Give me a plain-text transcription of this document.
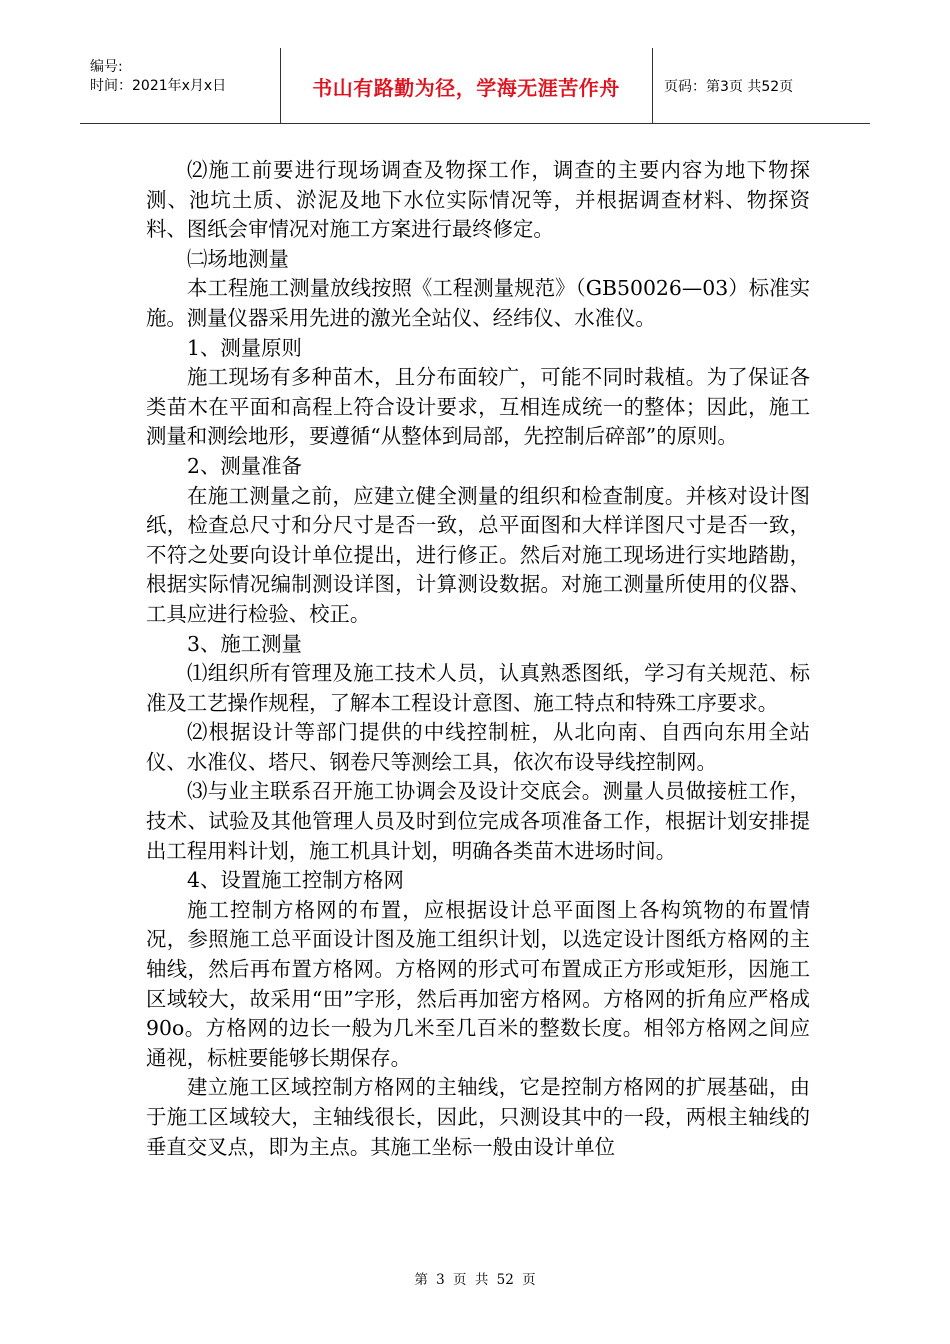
编号:
时间：2021年x月x日	书山有路勤为径，学海无涯苦作舟	页码：第3页 共52页

⑵施工前要进行现场调查及物探工作，调查的主要内容为地下物探测、池坑土质、淤泥及地下水位实际情况等，并根据调查材料、物探资料、图纸会审情况对施工方案进行最终修定。

㈡场地测量

本工程施工测量放线按照《工程测量规范》（GB50026—03）标准实施。测量仪器采用先进的激光全站仪、经纬仪、水准仪。

1、测量原则

施工现场有多种苗木，且分布面较广，可能不同时栽植。为了保证各类苗木在平面和高程上符合设计要求，互相连成统一的整体；因此，施工测量和测绘地形，要遵循“从整体到局部，先控制后碎部”的原则。

2、测量准备

在施工测量之前，应建立健全测量的组织和检查制度。并核对设计图纸，检查总尺寸和分尺寸是否一致，总平面图和大样详图尺寸是否一致，不符之处要向设计单位提出，进行修正。然后对施工现场进行实地踏勘，根据实际情况编制测设详图，计算测设数据。对施工测量所使用的仪器、工具应进行检验、校正。

3、施工测量

⑴组织所有管理及施工技术人员，认真熟悉图纸，学习有关规范、标准及工艺操作规程，了解本工程设计意图、施工特点和特殊工序要求。

⑵根据设计等部门提供的中线控制桩，从北向南、自西向东用全站仪、水准仪、塔尺、钢卷尺等测绘工具，依次布设导线控制网。

⑶与业主联系召开施工协调会及设计交底会。测量人员做接桩工作，技术、试验及其他管理人员及时到位完成各项准备工作，根据计划安排提出工程用料计划，施工机具计划，明确各类苗木进场时间。

4、设置施工控制方格网

施工控制方格网的布置，应根据设计总平面图上各构筑物的布置情况，参照施工总平面设计图及施工组织计划，以选定设计图纸方格网的主轴线，然后再布置方格网。方格网的形式可布置成正方形或矩形，因施工区域较大，故采用“田”字形，然后再加密方格网。方格网的折角应严格成90o。方格网的边长一般为几米至几百米的整数长度。相邻方格网之间应通视，标桩要能够长期保存。

建立施工区域控制方格网的主轴线，它是控制方格网的扩展基础，由于施工区域较大，主轴线很长，因此，只测设其中的一段，两根主轴线的垂直交叉点，即为主点。其施工坐标一般由设计单位

第 3 页 共 52 页
